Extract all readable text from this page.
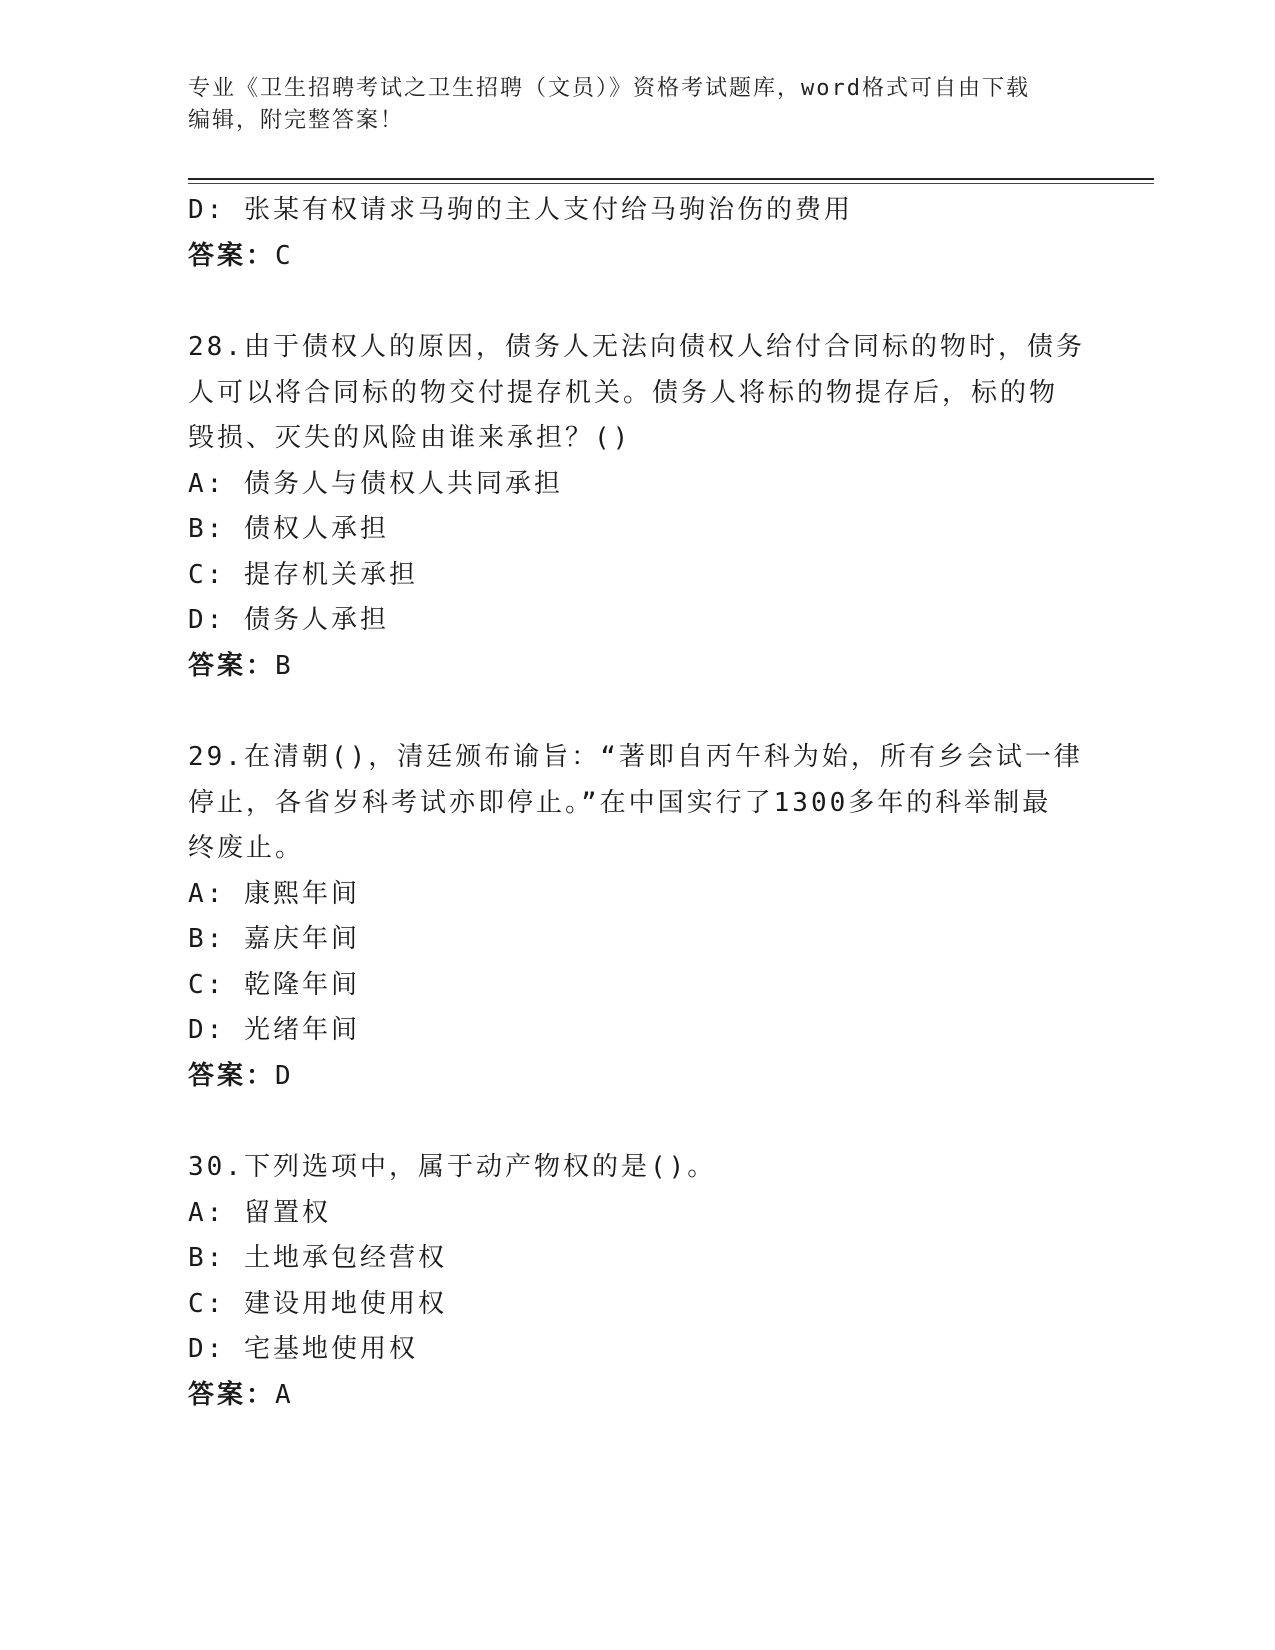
专业《卫生招聘考试之卫生招聘（文员）》资格考试题库，word格式可自由下载
编辑，附完整答案！
D: 张某有权请求马驹的主人支付给马驹治伤的费用
答案：C
28.由于债权人的原因，债务人无法向债权人给付合同标的物时，债务
人可以将合同标的物交付提存机关。债务人将标的物提存后，标的物
毁损、灭失的风险由谁来承担？()
A: 债务人与债权人共同承担
B: 债权人承担
C: 提存机关承担
D: 债务人承担
答案：B
29.在清朝()，清廷颁布谕旨：“著即自丙午科为始，所有乡会试一律
停止，各省岁科考试亦即停止。”在中国实行了1300多年的科举制最
终废止。
A: 康熙年间
B: 嘉庆年间
C: 乾隆年间
D: 光绪年间
答案：D
30.下列选项中，属于动产物权的是()。
A: 留置权
B: 土地承包经营权
C: 建设用地使用权
D: 宅基地使用权
答案：A
